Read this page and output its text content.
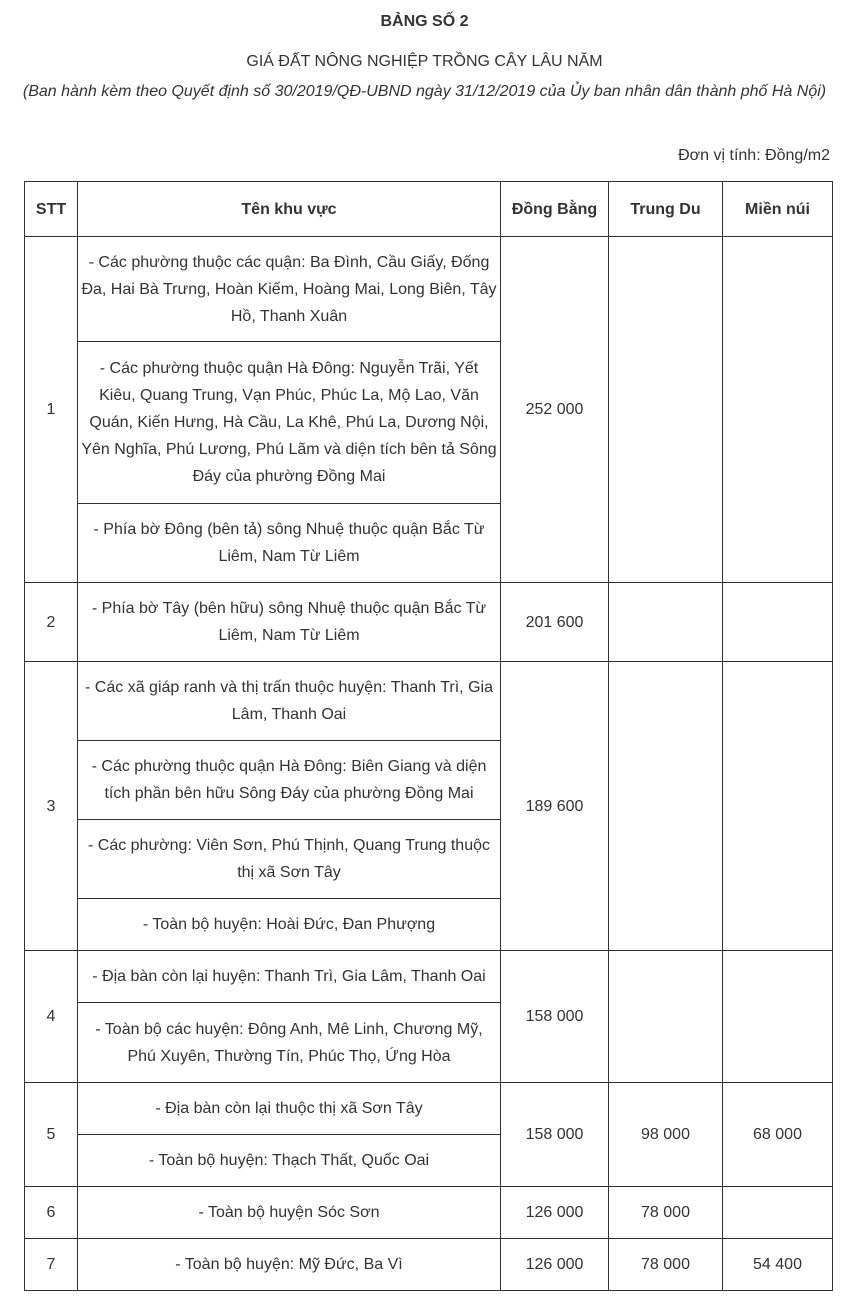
BẢNG SỐ 2
GIÁ ĐẤT NÔNG NGHIỆP TRỒNG CÂY LÂU NĂM
(Ban hành kèm theo Quyết định số 30/2019/QĐ-UBND ngày 31/12/2019 của Ủy ban nhân dân thành phố Hà Nội)
Đơn vị tính: Đồng/m2
STT	Tên khu vực	Đồng Bằng	Trung Du	Miền núi
1	- Các phường thuộc các quận: Ba Đình, Cầu Giấy, Đống Đa, Hai Bà Trưng, Hoàn Kiếm, Hoàng Mai, Long Biên, Tây Hồ, Thanh Xuân	252 000		
	- Các phường thuộc quận Hà Đông: Nguyễn Trãi, Yết Kiêu, Quang Trung, Vạn Phúc, Phúc La, Mộ Lao, Văn Quán, Kiến Hưng, Hà Cầu, La Khê, Phú La, Dương Nội, Yên Nghĩa, Phú Lương, Phú Lãm và diện tích bên tả Sông Đáy của phường Đồng Mai			
	- Phía bờ Đông (bên tả) sông Nhuệ thuộc quận Bắc Từ Liêm, Nam Từ Liêm			
2	- Phía bờ Tây (bên hữu) sông Nhuệ thuộc quận Bắc Từ Liêm, Nam Từ Liêm	201 600		
3	- Các xã giáp ranh và thị trấn thuộc huyện: Thanh Trì, Gia Lâm, Thanh Oai	189 600		
	- Các phường thuộc quận Hà Đông: Biên Giang và diện tích phần bên hữu Sông Đáy của phường Đồng Mai			
	- Các phường: Viên Sơn, Phú Thịnh, Quang Trung thuộc thị xã Sơn Tây			
	- Toàn bộ huyện: Hoài Đức, Đan Phượng			
4	- Địa bàn còn lại huyện: Thanh Trì, Gia Lâm, Thanh Oai	158 000		
	- Toàn bộ các huyện: Đông Anh, Mê Linh, Chương Mỹ, Phú Xuyên, Thường Tín, Phúc Thọ, Ứng Hòa			
5	- Địa bàn còn lại thuộc thị xã Sơn Tây	158 000	98 000	68 000
	- Toàn bộ huyện: Thạch Thất, Quốc Oai			
6	- Toàn bộ huyện Sóc Sơn	126 000	78 000	
7	- Toàn bộ huyện: Mỹ Đức, Ba Vì	126 000	78 000	54 400
